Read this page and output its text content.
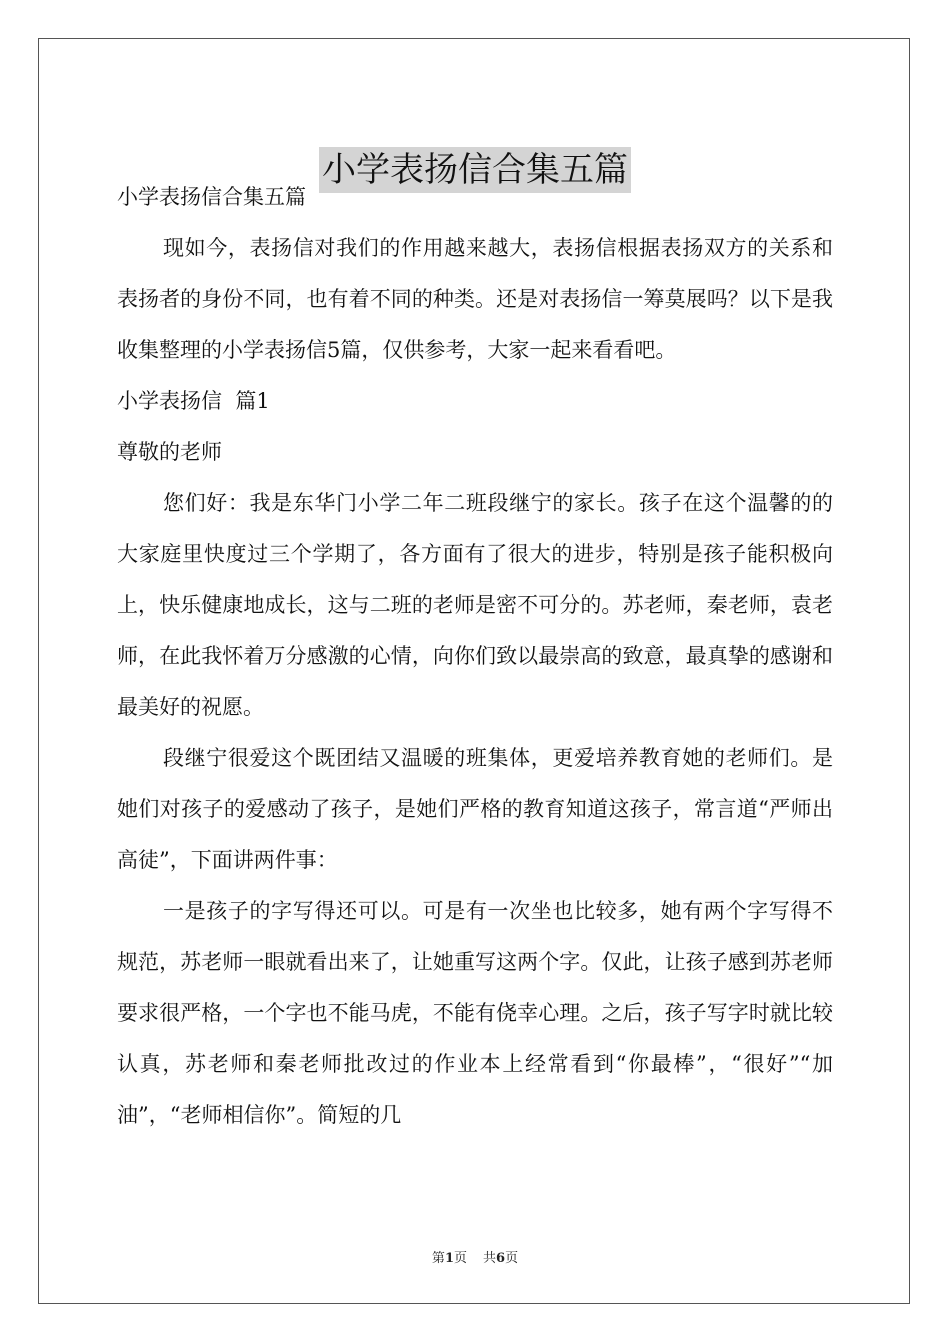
小学表扬信合集五篇

小学表扬信合集五篇

现如今，表扬信对我们的作用越来越大，表扬信根据表扬双方的关系和表扬者的身份不同，也有着不同的种类。还是对表扬信一筹莫展吗？以下是我收集整理的小学表扬信5篇，仅供参考，大家一起来看看吧。

小学表扬信  篇1

尊敬的老师

您们好：我是东华门小学二年二班段继宁的家长。孩子在这个温馨的的大家庭里快度过三个学期了，各方面有了很大的进步，特别是孩子能积极向上，快乐健康地成长，这与二班的老师是密不可分的。苏老师，秦老师，袁老师，在此我怀着万分感激的心情，向你们致以最崇高的致意，最真挚的感谢和最美好的祝愿。

段继宁很爱这个既团结又温暖的班集体，更爱培养教育她的老师们。是她们对孩子的爱感动了孩子，是她们严格的教育知道这孩子，常言道“严师出高徒”，下面讲两件事：

一是孩子的字写得还可以。可是有一次坐也比较多，她有两个字写得不规范，苏老师一眼就看出来了，让她重写这两个字。仅此，让孩子感到苏老师要求很严格，一个字也不能马虎，不能有侥幸心理。之后，孩子写字时就比较认真，苏老师和秦老师批改过的作业本上经常看到“你最棒”，“很好”“加油”，“老师相信你”。简短的几

第1页 共6页
